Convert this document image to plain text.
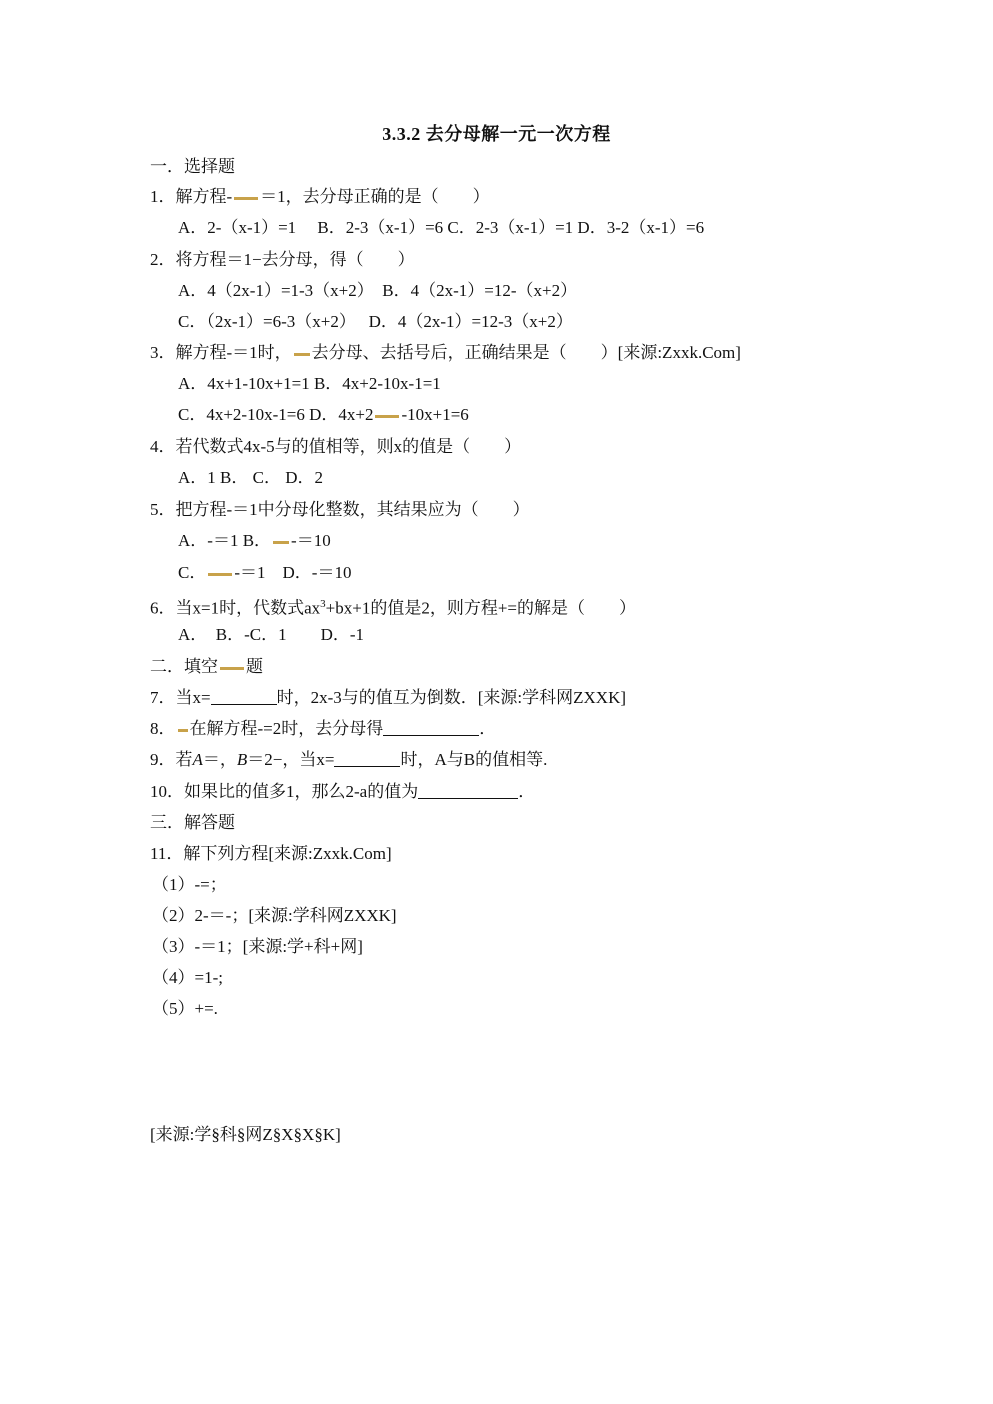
3.3.2 去分母解一元一次方程
一．选择题
1．解方程- ＝1，去分母正确的是（　　）
A．2-（x-1）=1　 B．2-3（x-1）=6 C．2-3（x-1）=1 D．3-2（x-1）=6
2．将方程＝1−去分母，得（　　）
A．4（2x-1）=1-3（x+2）　B．4（2x-1）=12-（x+2）
C．（2x-1）=6-3（x+2）　 D．4（2x-1）=12-3（x+2）
3．解方程-＝1时， 去分母、去括号后，正确结果是（　　）[来源:Zxxk.Com]
A．4x+1-10x+1=1 B．4x+2-10x-1=1
C．4x+2-10x-1=6 D．4x+2 -10x+1=6
4．若代数式4x-5与的值相等，则x的值是（　　）
A．1 B． C． D．2
5．把方程-＝1中分母化整数，其结果应为（　　）
A．-＝1 B． -＝10
C． -＝1　D．-＝10
6．当x=1时，代数式$ax^3+bx+1$的值是2，则方程+=的解是（　　）
A．　B．-C．1　　D．-1
二．填空 题
7．当x=	时，2x-3与的值互为倒数．[来源:学科网ZXXK]
8． 在解方程-=2时，去分母得	．
9．若A＝，B＝2−，当x=	时，A与B的值相等.
10．如果比的值多1，那么2-a的值为	．
三．解答题
11．解下列方程[来源:Zxxk.Com]
（1）-=；
（2）2-＝-；[来源:学科网ZXXK]
（3）-＝1；[来源:学+科+网]
（4）=1-;
（5）+=.
[来源:学§科§网Z§X§X§K]
